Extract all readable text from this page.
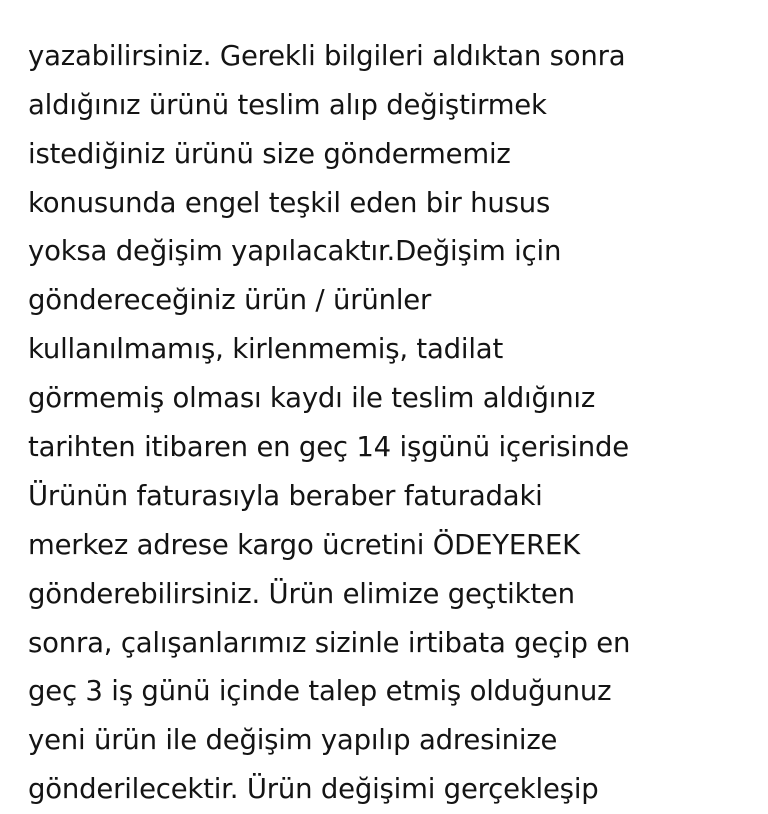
yazabilirsiniz. Gerekli bilgileri aldıktan sonra
aldığınız ürünü teslim alıp değiştirmek
istediğiniz ürünü size göndermemiz
konusunda engel teşkil eden bir husus
yoksa değişim yapılacaktır.Değişim için
göndereceğiniz ürün / ürünler
kullanılmamış, kirlenmemiş, tadilat
görmemiş olması kaydı ile teslim aldığınız
tarihten itibaren en geç 14 işgünü içerisinde
Ürünün faturasıyla beraber faturadaki
merkez adrese kargo ücretini ÖDEYEREK
gönderebilirsiniz. Ürün elimize geçtikten
sonra, çalışanlarımız sizinle irtibata geçip en
geç 3 iş günü içinde talep etmiş olduğunuz
yeni ürün ile değişim yapılıp adresinize
gönderilecektir. Ürün değişimi gerçekleşip
